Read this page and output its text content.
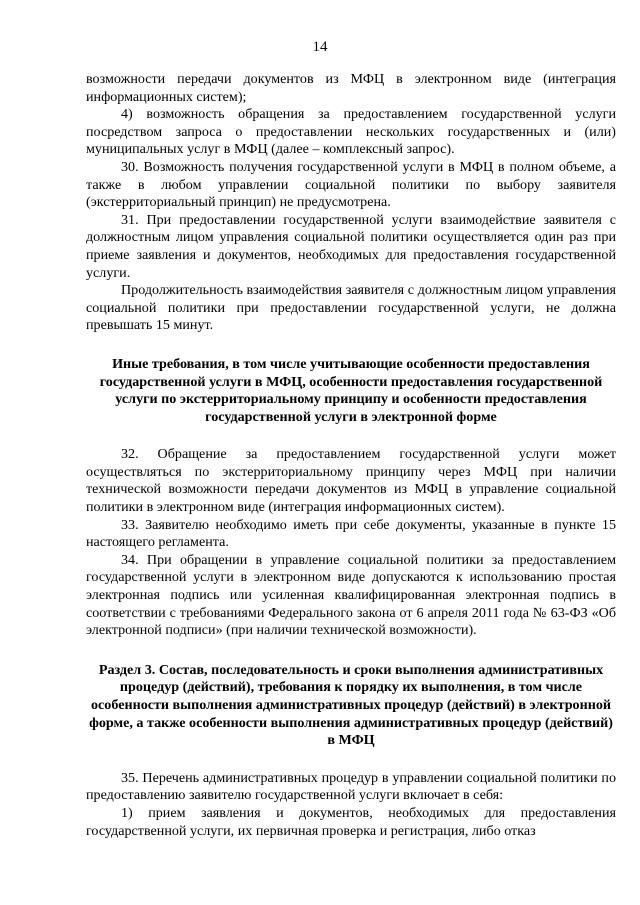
14

возможности передачи документов из МФЦ в электронном виде (интеграция информационных систем);

4) возможность обращения за предоставлением государственной услуги посредством запроса о предоставлении нескольких государственных и (или) муниципальных услуг в МФЦ (далее – комплексный запрос).

30. Возможность получения государственной услуги в МФЦ в полном объеме, а также в любом управлении социальной политики по выбору заявителя (экстерриториальный принцип) не предусмотрена.

31. При предоставлении государственной услуги взаимодействие заявителя с должностным лицом управления социальной политики осуществляется один раз при приеме заявления и документов, необходимых для предоставления государственной услуги.

Продолжительность взаимодействия заявителя с должностным лицом управления социальной политики при предоставлении государственной услуги, не должна превышать 15 минут.

Иные требования, в том числе учитывающие особенности предоставления государственной услуги в МФЦ, особенности предоставления государственной услуги по экстерриториальному принципу и особенности предоставления государственной услуги в электронной форме

32. Обращение за предоставлением государственной услуги может осуществляться по экстерриториальному принципу через МФЦ при наличии технической возможности передачи документов из МФЦ в управление социальной политики в электронном виде (интеграция информационных систем).

33. Заявителю необходимо иметь при себе документы, указанные в пункте 15 настоящего регламента.

34. При обращении в управление социальной политики за предоставлением государственной услуги в электронном виде допускаются к использованию простая электронная подпись или усиленная квалифицированная электронная подпись в соответствии с требованиями Федерального закона от 6 апреля 2011 года № 63-ФЗ «Об электронной подписи» (при наличии технической возможности).

Раздел 3. Состав, последовательность и сроки выполнения административных процедур (действий), требования к порядку их выполнения, в том числе особенности выполнения административных процедур (действий) в электронной форме, а также особенности выполнения административных процедур (действий) в МФЦ

35. Перечень административных процедур в управлении социальной политики по предоставлению заявителю государственной услуги включает в себя:

1) прием заявления и документов, необходимых для предоставления государственной услуги, их первичная проверка и регистрация, либо отказ
